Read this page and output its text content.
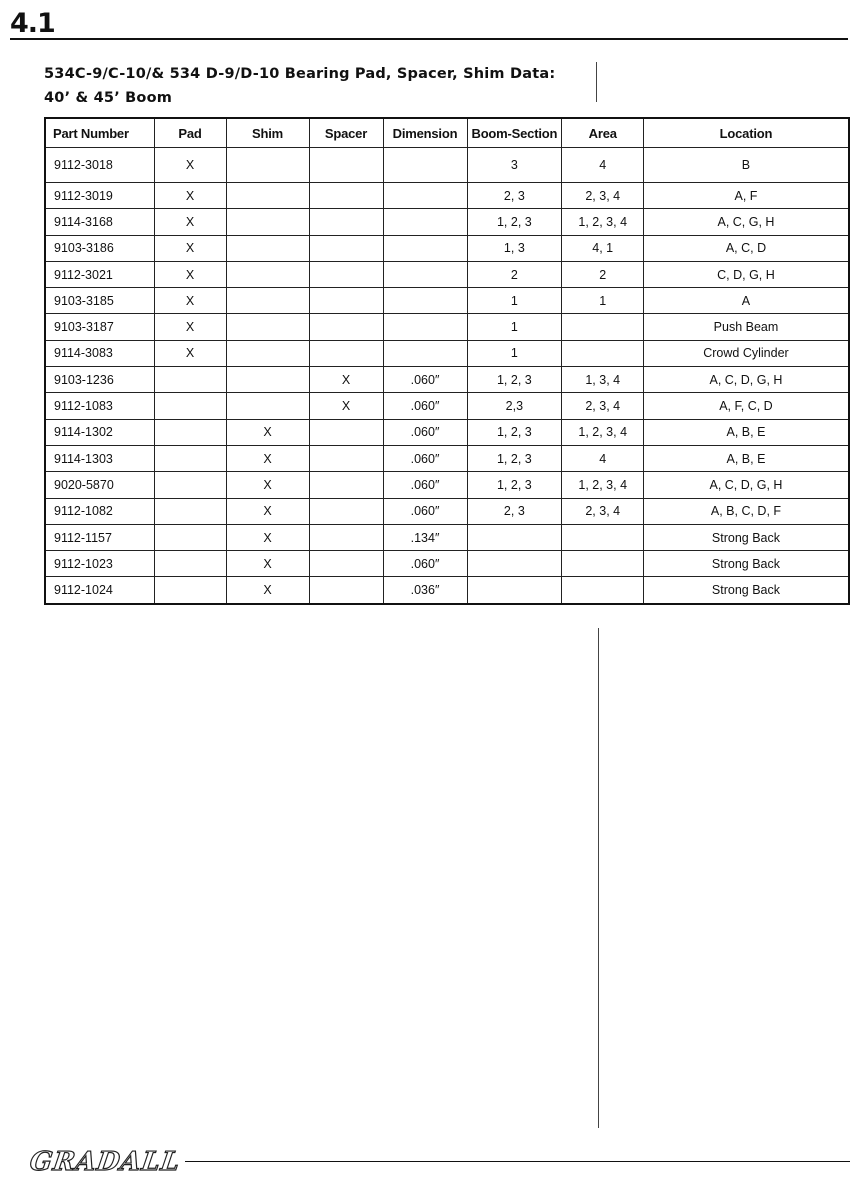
4.1
534C-9/C-10/& 534 D-9/D-10 Bearing Pad, Spacer, Shim Data:
40’ & 45’ Boom
Part Number	Pad	Shim	Spacer	Dimension	Boom-Section	Area	Location
9112-3018	X				3	4	B
9112-3019	X				2, 3	2, 3, 4	A, F
9114-3168	X				1, 2, 3	1, 2, 3, 4	A, C, G, H
9103-3186	X				1, 3	4, 1	A, C, D
9112-3021	X				2	2	C, D, G, H
9103-3185	X				1	1	A
9103-3187	X				1		Push Beam
9114-3083	X				1		Crowd Cylinder
9103-1236			X	.060″	1, 2, 3	1, 3, 4	A, C, D, G, H
9112-1083			X	.060″	2,3	2, 3, 4	A, F, C, D
9114-1302		X		.060″	1, 2, 3	1, 2, 3, 4	A, B, E
9114-1303		X		.060″	1, 2, 3	4	A, B, E
9020-5870		X		.060″	1, 2, 3	1, 2, 3, 4	A, C, D, G, H
9112-1082		X		.060″	2, 3	2, 3, 4	A, B, C, D, F
9112-1157		X		.134″			Strong Back
9112-1023		X		.060″			Strong Back
9112-1024		X		.036″			Strong Back
GRADALL
